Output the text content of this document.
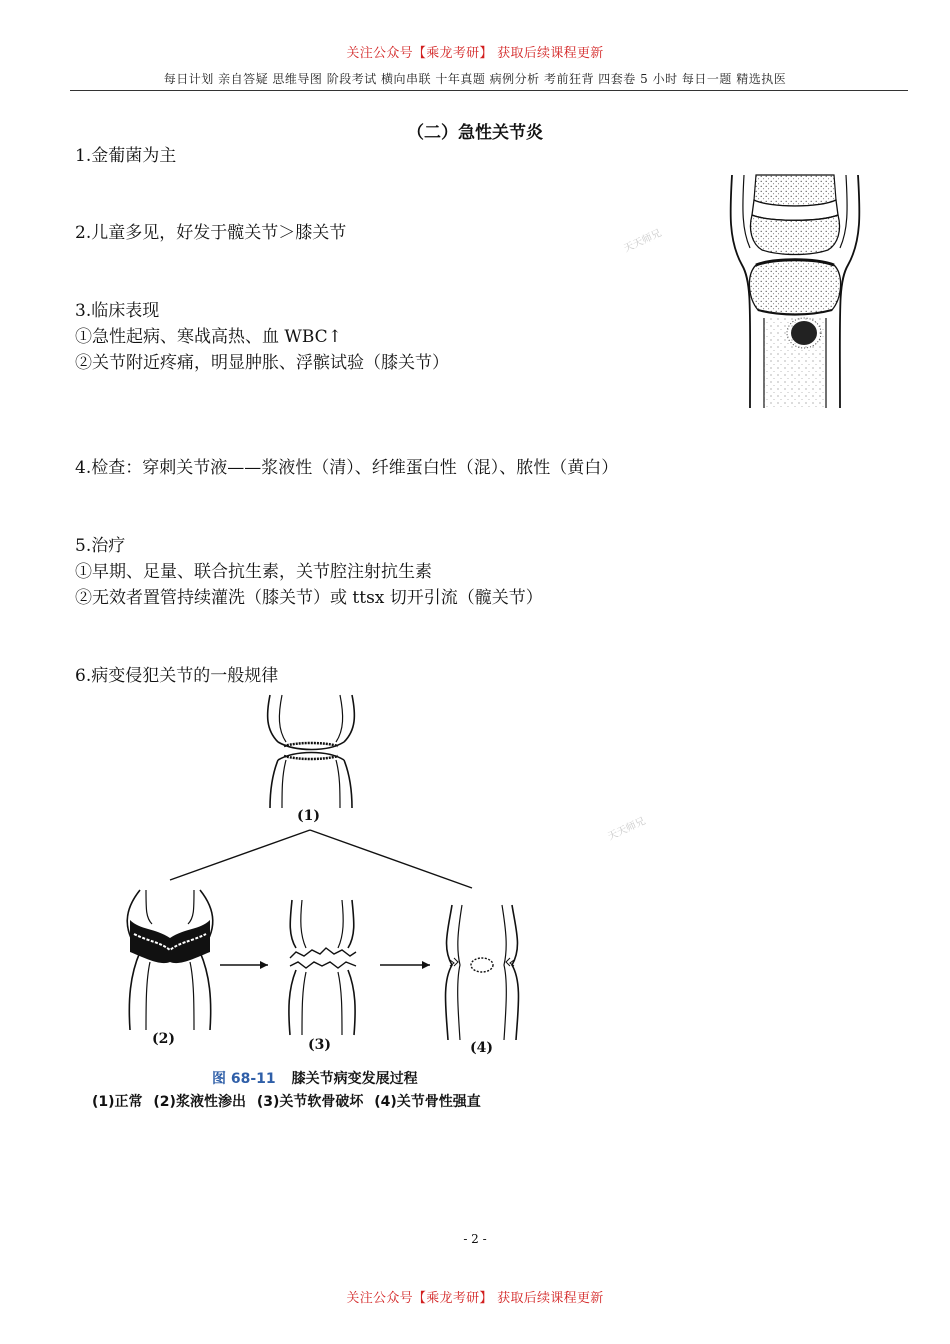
关注公众号【乘龙考研】 获取后续课程更新
每日计划 亲自答疑 思维导图 阶段考试 横向串联 十年真题 病例分析 考前狂背 四套卷 5 小时 每日一题 精选执医
（二）急性关节炎
1.金葡菌为主
2.儿童多见，好发于髋关节＞膝关节
3.临床表现
①急性起病、寒战高热、血 WBC↑
②关节附近疼痛，明显肿胀、浮髌试验（膝关节）
4.检查：穿刺关节液——浆液性（清）、纤维蛋白性（混）、脓性（黄白）
5.治疗
①早期、足量、联合抗生素，关节腔注射抗生素
②无效者置管持续灌洗（膝关节）或 ttsx 切开引流（髋关节）
6.病变侵犯关节的一般规律
天天师兄
天天师兄
(1)
(2)	(3)	(4)
图 68-11 膝关节病变发展过程
(1)正常 (2)浆液性渗出 (3)关节软骨破坏 (4)关节骨性强直
- 2 -
关注公众号【乘龙考研】 获取后续课程更新
